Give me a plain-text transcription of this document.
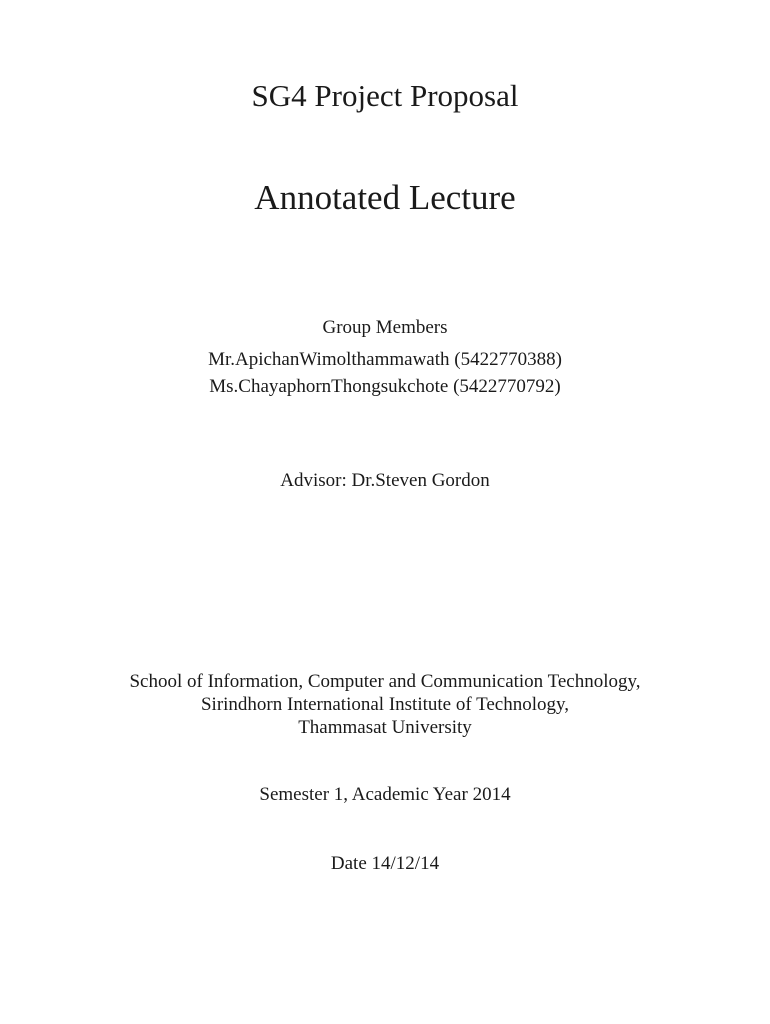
SG4 Project Proposal
Annotated Lecture
Group Members
Mr.ApichanWimolthammawath (5422770388)
Ms.ChayaphornThongsukchote (5422770792)
Advisor: Dr.Steven Gordon
School of Information, Computer and Communication Technology,
Sirindhorn International Institute of Technology,
Thammasat University
Semester 1, Academic Year 2014
Date 14/12/14
